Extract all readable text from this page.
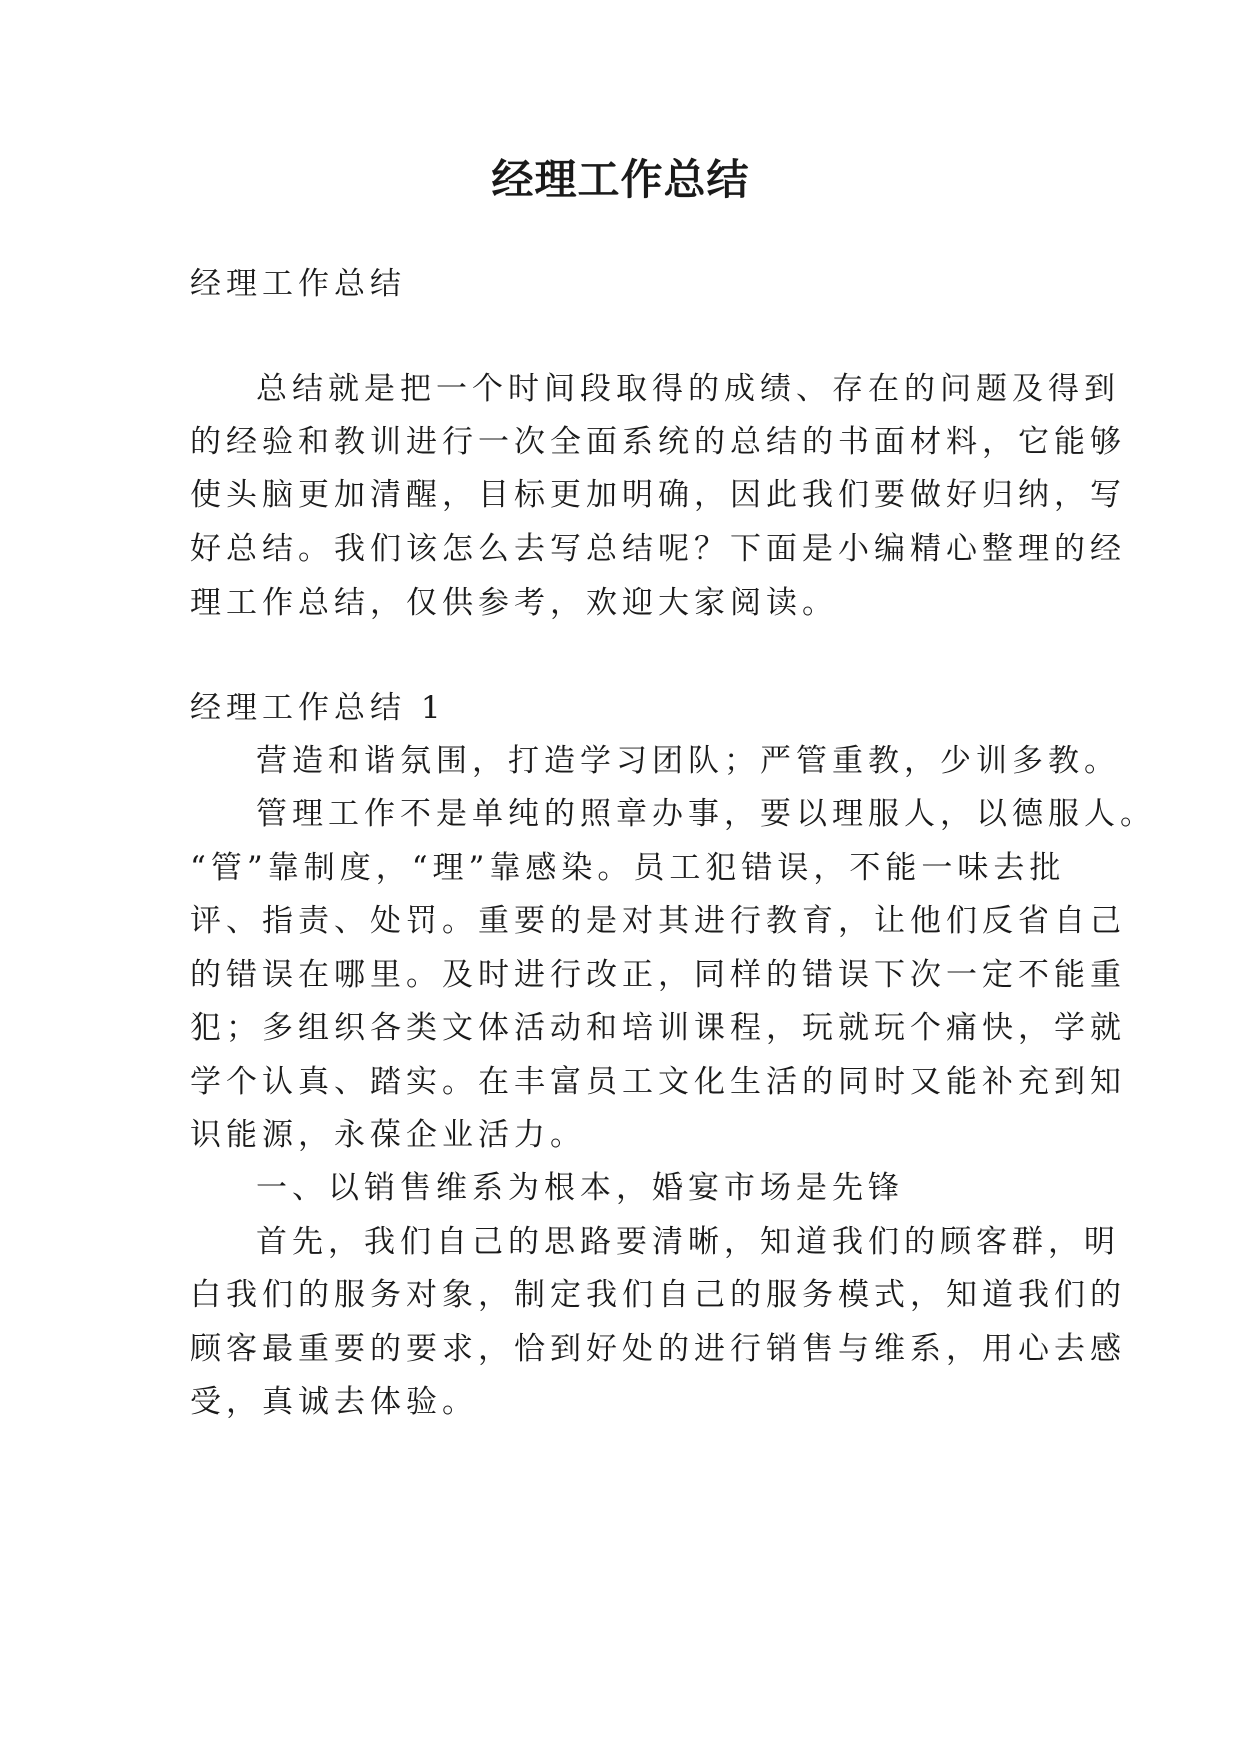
经理工作总结
经理工作总结
总结就是把一个时间段取得的成绩、存在的问题及得到
的经验和教训进行一次全面系统的总结的书面材料，它能够
使头脑更加清醒，目标更加明确，因此我们要做好归纳，写
好总结。我们该怎么去写总结呢？下面是小编精心整理的经
理工作总结，仅供参考，欢迎大家阅读。
经理工作总结 1
营造和谐氛围，打造学习团队；严管重教，少训多教。
管理工作不是单纯的照章办事，要以理服人，以德服人。
“管”靠制度，“理”靠感染。员工犯错误，不能一味去批
评、指责、处罚。重要的是对其进行教育，让他们反省自己
的错误在哪里。及时进行改正，同样的错误下次一定不能重
犯；多组织各类文体活动和培训课程，玩就玩个痛快，学就
学个认真、踏实。在丰富员工文化生活的同时又能补充到知
识能源，永葆企业活力。
一、以销售维系为根本，婚宴市场是先锋
首先，我们自己的思路要清晰，知道我们的顾客群，明
白我们的服务对象，制定我们自己的服务模式，知道我们的
顾客最重要的要求，恰到好处的进行销售与维系，用心去感
受，真诚去体验。
